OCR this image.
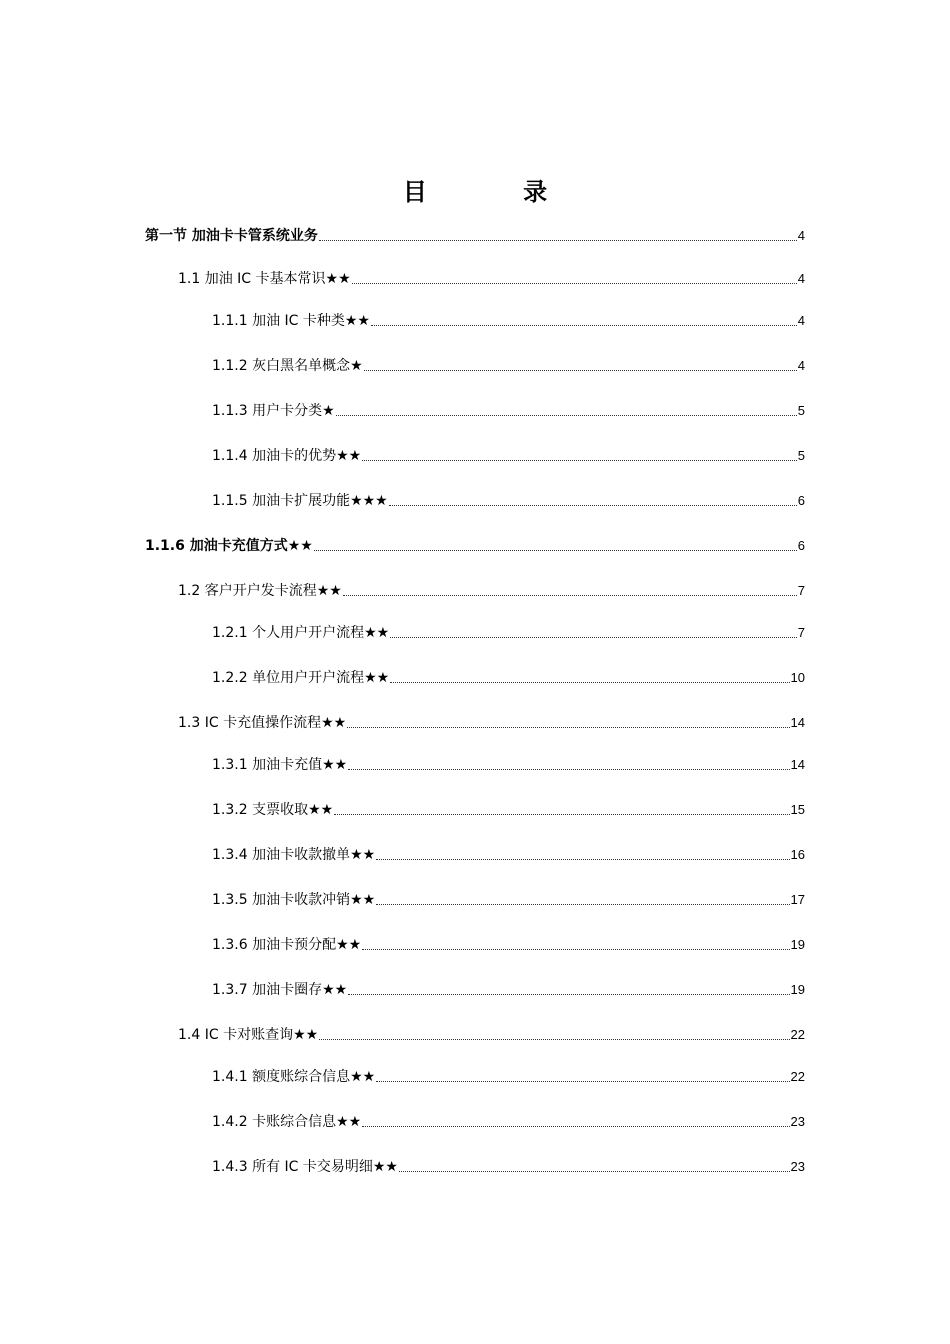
目 录
第一节 加油卡卡管系统业务	4
1.1 加油 IC 卡基本常识★★	4
1.1.1 加油 IC 卡种类★★	4
1.1.2 灰白黑名单概念★	4
1.1.3 用户卡分类★	5
1.1.4 加油卡的优势★★	5
1.1.5 加油卡扩展功能★★★	6
1.1.6 加油卡充值方式★★	6
1.2 客户开户发卡流程★★	7
1.2.1 个人用户开户流程★★	7
1.2.2 单位用户开户流程★★	10
1.3 IC 卡充值操作流程★★	14
1.3.1 加油卡充值★★	14
1.3.2 支票收取★★	15
1.3.4 加油卡收款撤单★★	16
1.3.5 加油卡收款冲销★★	17
1.3.6 加油卡预分配★★	19
1.3.7 加油卡圈存★★	19
1.4 IC 卡对账查询★★	22
1.4.1 额度账综合信息★★	22
1.4.2 卡账综合信息★★	23
1.4.3 所有 IC 卡交易明细★★	23
